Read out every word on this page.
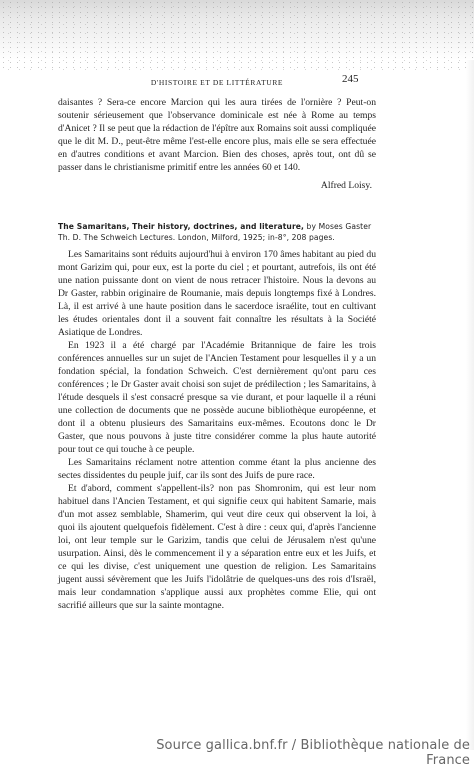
D'HISTOIRE ET DE LITTÉRATURE	245

daisantes ? Sera-ce encore Marcion qui les aura tirées de l'ornière ? Peut-on soutenir sérieusement que l'observance dominicale est née à Rome au temps d'Anicet ? Il se peut que la rédaction de l'épître aux Romains soit aussi compliquée que le dit M. D., peut-être même l'est-elle encore plus, mais elle se sera effectuée en d'autres conditions et avant Marcion. Bien des choses, après tout, ont dû se passer dans le christianisme primitif entre les années 60 et 140.

Alfred Loisy.
The Samaritans, Their history, doctrines, and literature, by Moses Gaster Th. D. The Schweich Lectures. London, Milford, 1925; in-8°, 208 pages.

Les Samaritains sont réduits aujourd'hui à environ 170 âmes habitant au pied du mont Garizim qui, pour eux, est la porte du ciel ; et pourtant, autrefois, ils ont été une nation puissante dont on vient de nous retracer l'histoire. Nous la devons au Dr Gaster, rabbin originaire de Roumanie, mais depuis longtemps fixé à Londres. Là, il est arrivé à une haute position dans le sacerdoce israélite, tout en cultivant les études orientales dont il a souvent fait connaître les résultats à la Société Asiatique de Londres.

En 1923 il a été chargé par l'Académie Britannique de faire les trois conférences annuelles sur un sujet de l'Ancien Testament pour lesquelles il y a un fondation spécial, la fondation Schweich. C'est dernièrement qu'ont paru ces conférences ; le Dr Gaster avait choisi son sujet de prédilection ; les Samaritains, à l'étude desquels il s'est consacré presque sa vie durant, et pour laquelle il a réuni une collection de documents que ne possède aucune bibliothèque européenne, et dont il a obtenu plusieurs des Samaritains eux-mêmes. Ecoutons donc le Dr Gaster, que nous pouvons à juste titre considérer comme la plus haute autorité pour tout ce qui touche à ce peuple.

Les Samaritains réclament notre attention comme étant la plus ancienne des sectes dissidentes du peuple juif, car ils sont des Juifs de pure race.

Et d'abord, comment s'appellent-ils? non pas Shomronim, qui est leur nom habituel dans l'Ancien Testament, et qui signifie ceux qui habitent Samarie, mais d'un mot assez semblable, Shamerim, qui veut dire ceux qui observent la loi, à quoi ils ajoutent quelquefois fidèlement. C'est à dire : ceux qui, d'après l'ancienne loi, ont leur temple sur le Garizim, tandis que celui de Jérusalem n'est qu'une usurpation. Ainsi, dès le commencement il y a séparation entre eux et les Juifs, et ce qui les divise, c'est uniquement une question de religion. Les Samaritains jugent aussi sévèrement que les Juifs l'idolâtrie de quelques-uns des rois d'Israël, mais leur condamnation s'applique aussi aux prophètes comme Elie, qui ont sacrifié ailleurs que sur la sainte montagne.

Source gallica.bnf.fr / Bibliothèque nationale de France
